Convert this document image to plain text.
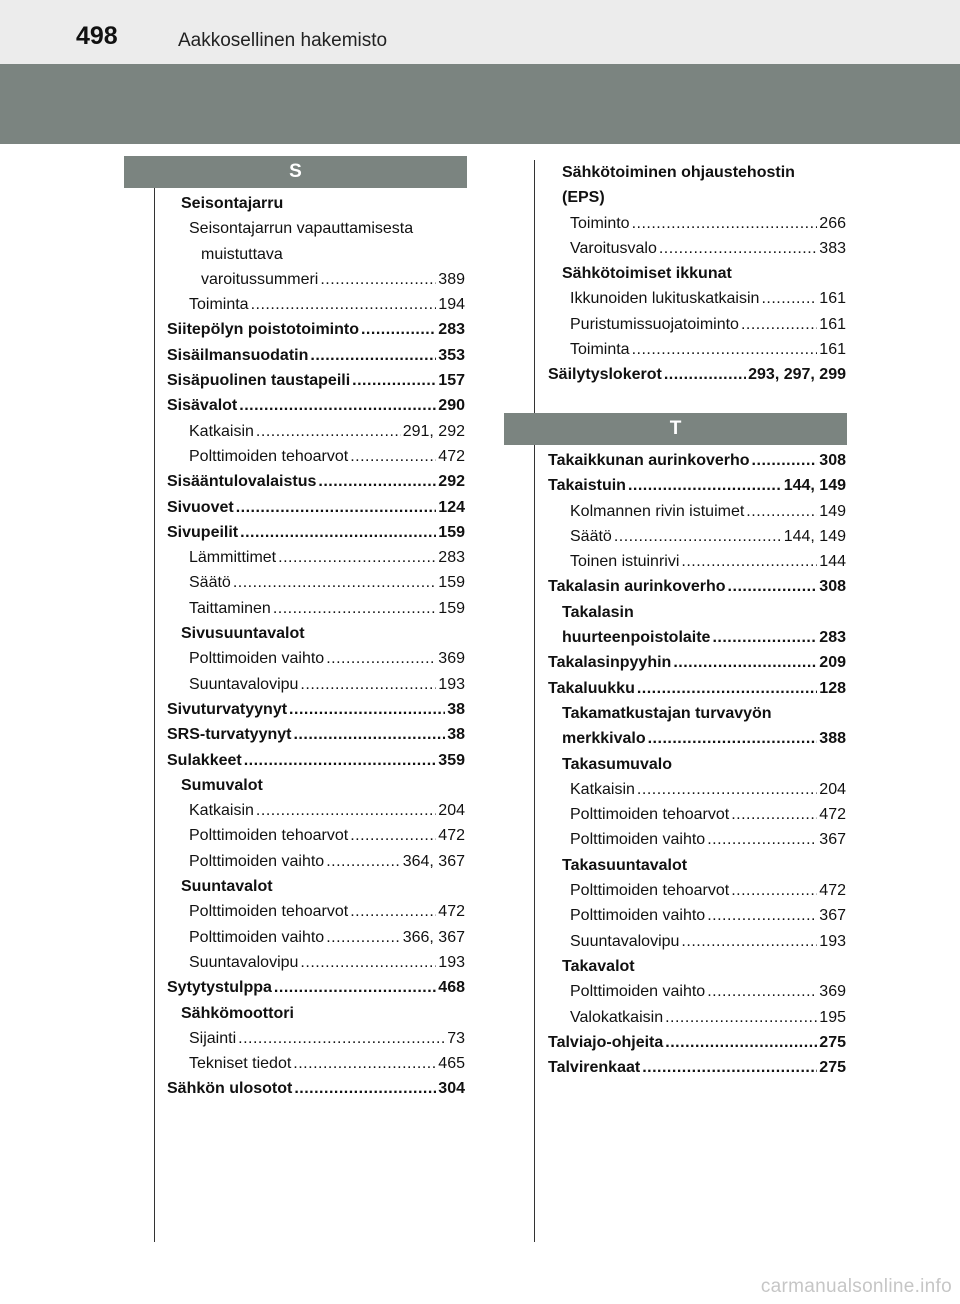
498	Aakkosellinen hakemisto
S
Seisontajarru
Seisontajarrun vapauttamisesta
muistuttava
varoitussummeri .....	389
Toiminta .....	194
Siitepölyn poistotoiminto .....	283
Sisäilmansuodatin .....	353
Sisäpuolinen taustapeili .....	157
Sisävalot .....	290
Katkaisin .....	291, 292
Polttimoiden tehoarvot .....	472
Sisääntulovalaistus .....	292
Sivuovet .....	124
Sivupeilit .....	159
Lämmittimet .....	283
Säätö .....	159
Taittaminen .....	159
Sivusuuntavalot
Polttimoiden vaihto .....	369
Suuntavalovipu .....	193
Sivuturvatyynyt .....	38
SRS-turvatyynyt .....	38
Sulakkeet .....	359
Sumuvalot
Katkaisin .....	204
Polttimoiden tehoarvot .....	472
Polttimoiden vaihto .....	364, 367
Suuntavalot
Polttimoiden tehoarvot .....	472
Polttimoiden vaihto .....	366, 367
Suuntavalovipu .....	193
Sytytystulppa .....	468
Sähkömoottori
Sijainti .....	73
Tekniset tiedot .....	465
Sähkön ulosotot .....	304
Sähkötoiminen ohjaustehostin
(EPS)
Toiminto .....	266
Varoitusvalo .....	383
Sähkötoimiset ikkunat
Ikkunoiden lukituskatkaisin .....	161
Puristumissuojatoiminto .....	161
Toiminta .....	161
Säilytyslokerot .....	293, 297, 299
T
Takaikkunan aurinkoverho .....	308
Takaistuin .....	144, 149
Kolmannen rivin istuimet .....	149
Säätö .....	144, 149
Toinen istuinrivi .....	144
Takalasin aurinkoverho .....	308
Takalasin
huurteenpoistolaite .....	283
Takalasinpyyhin .....	209
Takaluukku .....	128
Takamatkustajan turvavyön
merkkivalo .....	388
Takasumuvalo
Katkaisin .....	204
Polttimoiden tehoarvot .....	472
Polttimoiden vaihto .....	367
Takasuuntavalot
Polttimoiden tehoarvot .....	472
Polttimoiden vaihto .....	367
Suuntavalovipu .....	193
Takavalot
Polttimoiden vaihto .....	369
Valokatkaisin .....	195
Talviajo-ohjeita .....	275
Talvirenkaat .....	275
carmanualsonline.info
